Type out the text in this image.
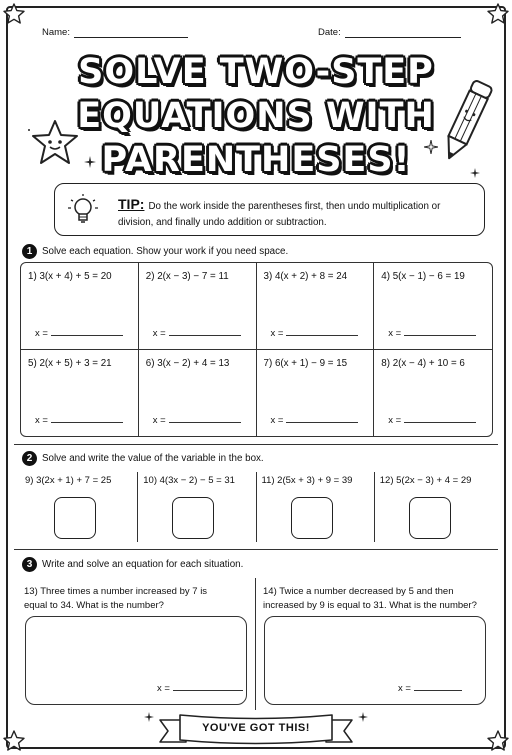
Name:	Date:
SOLVE TWO-STEP
EQUATIONS WITH
PARENTHESES!
TIP: Do the work inside the parentheses first, then undo multiplication or division, and finally undo addition or subtraction.
1 Solve each equation. Show your work if you need space.
1) 3(x + 4) + 5 = 20
x =
2) 2(x − 3) − 7 = 11
x =
3) 4(x + 2) + 8 = 24
x =
4) 5(x − 1) − 6 = 19
x =
5) 2(x + 5) + 3 = 21
x =
6) 3(x − 2) + 4 = 13
x =
7) 6(x + 1) − 9 = 15
x =
8) 2(x − 4) + 10 = 6
x =
2 Solve and write the value of the variable in the box.
9) 3(2x + 1) + 7 = 25	10) 4(3x − 2) − 5 = 31	11) 2(5x + 3) + 9 = 39	12) 5(2x − 3) + 4 = 29
3 Write and solve an equation for each situation.
13) Three times a number increased by 7 is equal to 34. What is the number?
14) Twice a number decreased by 5 and then increased by 9 is equal to 31. What is the number?
x =	x =
YOU'VE GOT THIS!
